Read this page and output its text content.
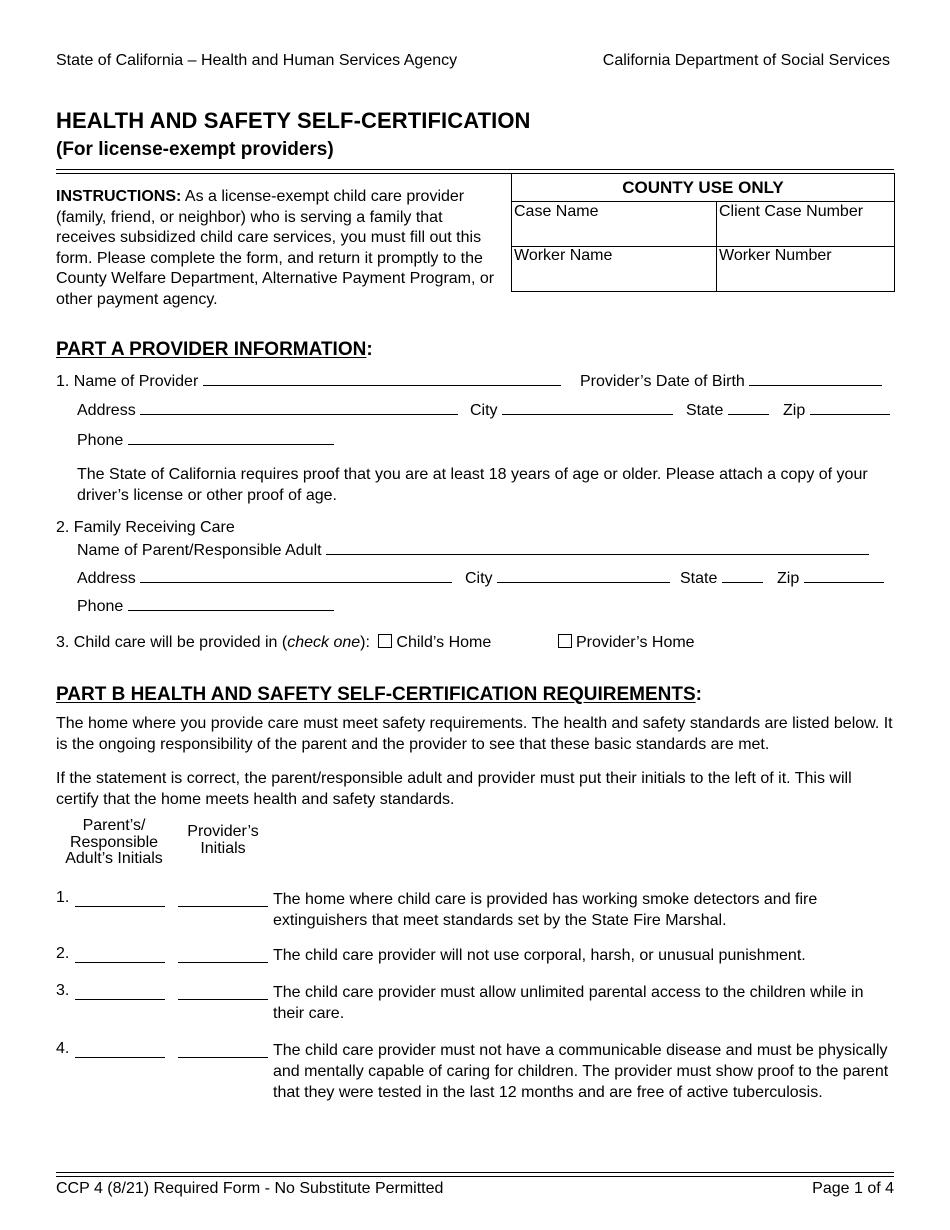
State of California – Health and Human Services Agency	California Department of Social Services
HEALTH AND SAFETY SELF-CERTIFICATION
(For license-exempt providers)
INSTRUCTIONS: As a license-exempt child care provider (family, friend, or neighbor) who is serving a family that receives subsidized child care services, you must fill out this form. Please complete the form, and return it promptly to the County Welfare Department, Alternative Payment Program, or other payment agency.
COUNTY USE ONLY
Case Name	Client Case Number
Worker Name	Worker Number
PART A PROVIDER INFORMATION:
1. Name of Provider	Provider’s Date of Birth
Address	City	State	Zip
Phone
The State of California requires proof that you are at least 18 years of age or older. Please attach a copy of your driver’s license or other proof of age.
2. Family Receiving Care
Name of Parent/Responsible Adult
Address	City	State	Zip
Phone
3. Child care will be provided in (check one): Child’s Home	Provider’s Home
PART B HEALTH AND SAFETY SELF-CERTIFICATION REQUIREMENTS:
The home where you provide care must meet safety requirements. The health and safety standards are listed below. It is the ongoing responsibility of the parent and the provider to see that these basic standards are met.
If the statement is correct, the parent/responsible adult and provider must put their initials to the left of it. This will certify that the home meets health and safety standards.
Parent’s/ Responsible Adult’s Initials
Provider’s Initials
1.	The home where child care is provided has working smoke detectors and fire extinguishers that meet standards set by the State Fire Marshal.
2.	The child care provider will not use corporal, harsh, or unusual punishment.
3.	The child care provider must allow unlimited parental access to the children while in their care.
4.	The child care provider must not have a communicable disease and must be physically and mentally capable of caring for children. The provider must show proof to the parent that they were tested in the last 12 months and are free of active tuberculosis.
CCP 4 (8/21) Required Form - No Substitute Permitted	Page 1 of 4
